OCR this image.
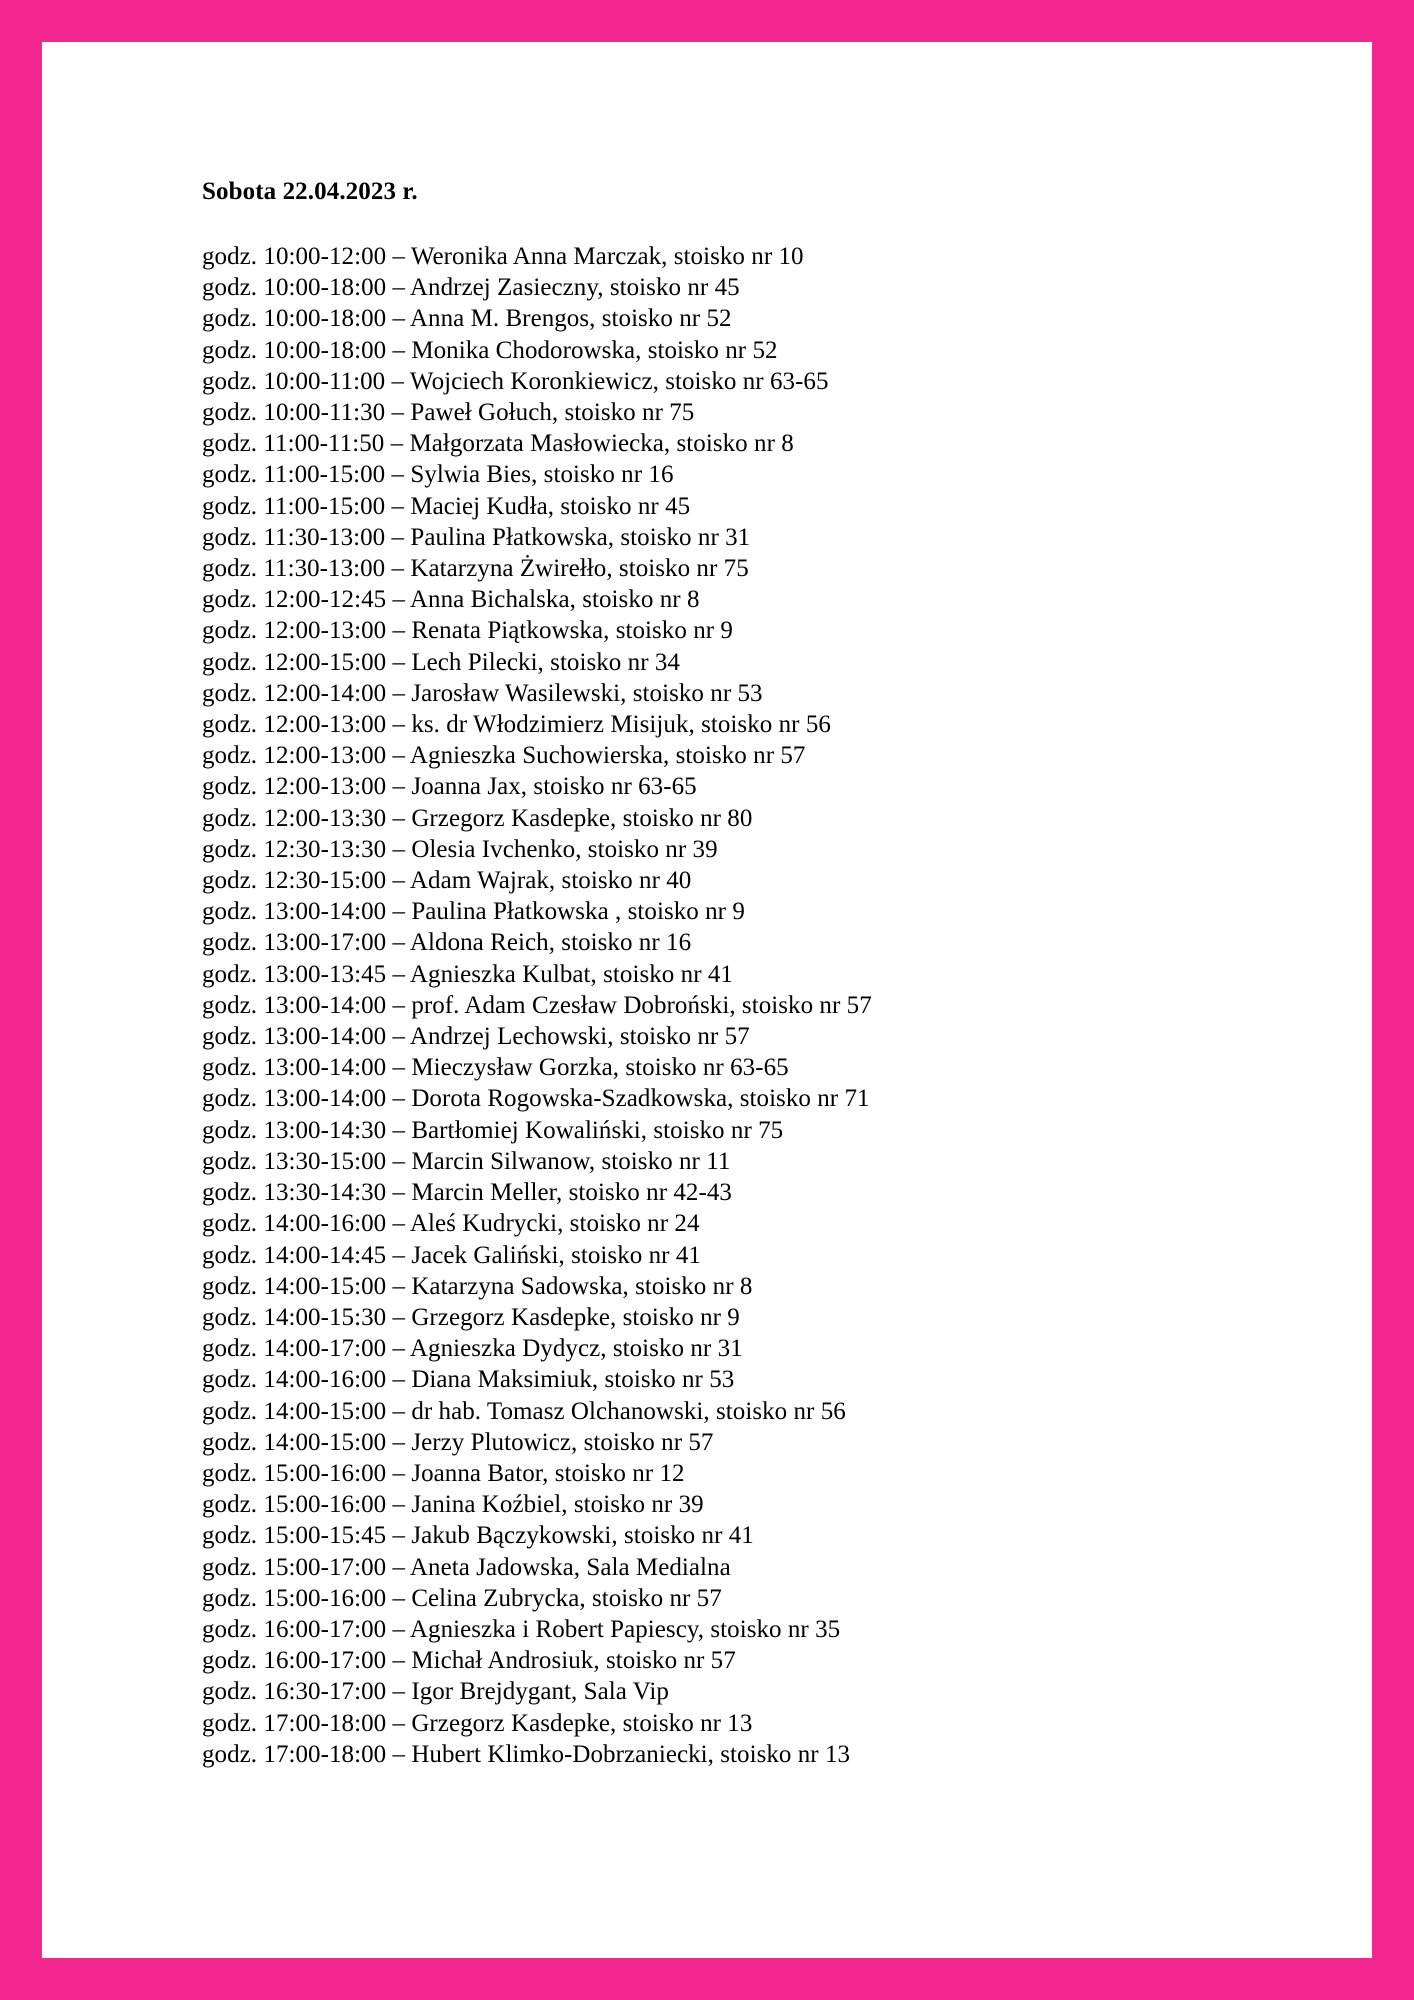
Sobota 22.04.2023 r.
godz. 10:00-12:00 – Weronika Anna Marczak, stoisko nr 10
godz. 10:00-18:00 – Andrzej Zasieczny, stoisko nr 45
godz. 10:00-18:00 – Anna M. Brengos, stoisko nr 52
godz. 10:00-18:00 – Monika Chodorowska, stoisko nr 52
godz. 10:00-11:00 – Wojciech Koronkiewicz, stoisko nr 63-65
godz. 10:00-11:30 – Paweł Gołuch, stoisko nr 75
godz. 11:00-11:50 – Małgorzata Masłowiecka, stoisko nr 8
godz. 11:00-15:00 – Sylwia Bies, stoisko nr 16
godz. 11:00-15:00 – Maciej Kudła, stoisko nr 45
godz. 11:30-13:00 – Paulina Płatkowska, stoisko nr 31
godz. 11:30-13:00 – Katarzyna Żwirełło, stoisko nr 75
godz. 12:00-12:45 – Anna Bichalska, stoisko nr 8
godz. 12:00-13:00 – Renata Piątkowska, stoisko nr 9
godz. 12:00-15:00 – Lech Pilecki, stoisko nr 34
godz. 12:00-14:00 – Jarosław Wasilewski, stoisko nr 53
godz. 12:00-13:00 – ks. dr Włodzimierz Misijuk, stoisko nr 56
godz. 12:00-13:00 – Agnieszka Suchowierska, stoisko nr 57
godz. 12:00-13:00 – Joanna Jax, stoisko nr 63-65
godz. 12:00-13:30 – Grzegorz Kasdepke, stoisko nr 80
godz. 12:30-13:30 – Olesia Ivchenko, stoisko nr 39
godz. 12:30-15:00 – Adam Wajrak, stoisko nr 40
godz. 13:00-14:00 – Paulina Płatkowska , stoisko nr 9
godz. 13:00-17:00 – Aldona Reich, stoisko nr 16
godz. 13:00-13:45 – Agnieszka Kulbat, stoisko nr 41
godz. 13:00-14:00 – prof. Adam Czesław Dobroński, stoisko nr 57
godz. 13:00-14:00 – Andrzej Lechowski, stoisko nr 57
godz. 13:00-14:00 – Mieczysław Gorzka, stoisko nr 63-65
godz. 13:00-14:00 – Dorota Rogowska-Szadkowska, stoisko nr 71
godz. 13:00-14:30 – Bartłomiej Kowaliński, stoisko nr 75
godz. 13:30-15:00 – Marcin Silwanow, stoisko nr 11
godz. 13:30-14:30 – Marcin Meller, stoisko nr 42-43
godz. 14:00-16:00 – Aleś Kudrycki, stoisko nr 24
godz. 14:00-14:45 – Jacek Galiński, stoisko nr 41
godz. 14:00-15:00 – Katarzyna Sadowska, stoisko nr 8
godz. 14:00-15:30 – Grzegorz Kasdepke, stoisko nr 9
godz. 14:00-17:00 – Agnieszka Dydycz, stoisko nr 31
godz. 14:00-16:00 – Diana Maksimiuk, stoisko nr 53
godz. 14:00-15:00 – dr hab. Tomasz Olchanowski, stoisko nr 56
godz. 14:00-15:00 – Jerzy Plutowicz, stoisko nr 57
godz. 15:00-16:00 – Joanna Bator, stoisko nr 12
godz. 15:00-16:00 – Janina Koźbiel, stoisko nr 39
godz. 15:00-15:45 – Jakub Bączykowski, stoisko nr 41
godz. 15:00-17:00 – Aneta Jadowska, Sala Medialna
godz. 15:00-16:00 – Celina Zubrycka, stoisko nr 57
godz. 16:00-17:00 – Agnieszka i Robert Papiescy, stoisko nr 35
godz. 16:00-17:00 – Michał Androsiuk, stoisko nr 57
godz. 16:30-17:00 – Igor Brejdygant, Sala Vip
godz. 17:00-18:00 – Grzegorz Kasdepke, stoisko nr 13
godz. 17:00-18:00 – Hubert Klimko-Dobrzaniecki, stoisko nr 13
